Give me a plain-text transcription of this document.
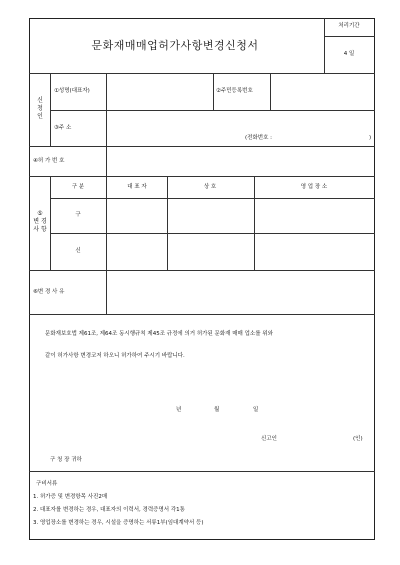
문화재매매업허가사항변경신청서
처리기간
4 일
신
청
인
①성명(대표자)	②주민등록번호
③주 소
(전화번호 :	)
④허 가 번 호
⑤
변 경
사 항
구 분	대 표 자	상 호	영 업 장 소
구
신
⑥변 경 사 유
문화재보호법 제61조, 제64조 동시행규칙 제45조 규정에 의거 허가된 문화재 매매 업소를 위와
같이 허가사항 변경코저 하오니 허가하여 주시기 바랍니다.
년	월	일
신고인	(인)
구 청 장 귀하
구비서류
1. 허가증 및 변경항목 사진2매
2. 대표자를 변경하는 경우, 대표자의 이력서, 경력증명서 각1통
3. 영업장소를 변경하는 경우, 시설을 증명하는 서류1부(임대계약서 등)
